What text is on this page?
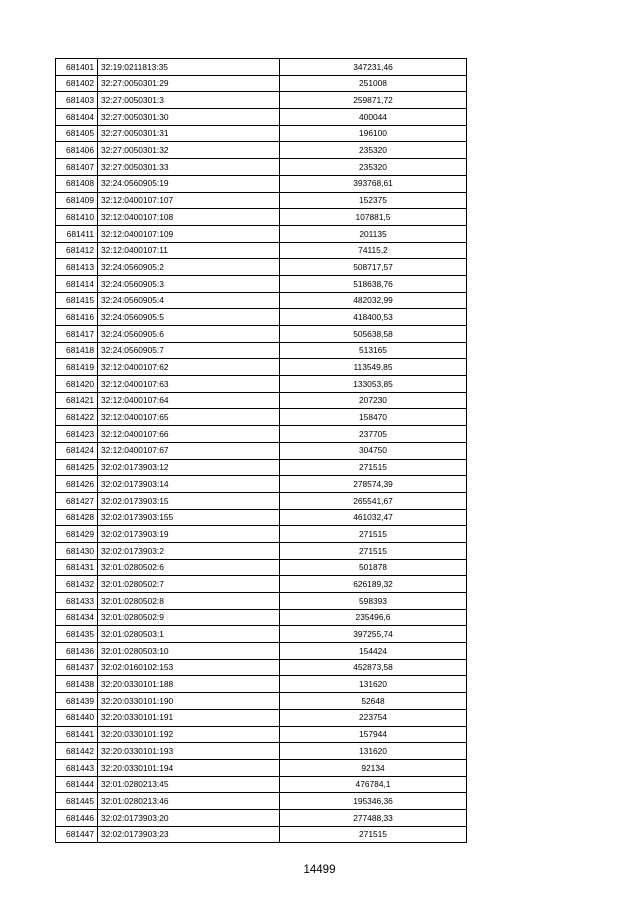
681401	32:19:0211813:35	347231,46
681402	32:27:0050301:29	251008
681403	32:27:0050301:3	259871,72
681404	32:27:0050301:30	400044
681405	32:27:0050301:31	196100
681406	32:27:0050301:32	235320
681407	32:27:0050301:33	235320
681408	32:24:0560905:19	393768,61
681409	32:12:0400107:107	152375
681410	32:12:0400107:108	107881,5
681411	32:12:0400107:109	201135
681412	32:12:0400107:11	74115,2
681413	32:24:0560905:2	508717,57
681414	32:24:0560905:3	518638,76
681415	32:24:0560905:4	482032,99
681416	32:24:0560905:5	418400,53
681417	32:24:0560905:6	505638,58
681418	32:24:0560905:7	513165
681419	32:12:0400107:62	113549,85
681420	32:12:0400107:63	133053,85
681421	32:12:0400107:64	207230
681422	32:12:0400107:65	158470
681423	32:12:0400107:66	237705
681424	32:12:0400107:67	304750
681425	32:02:0173903:12	271515
681426	32:02:0173903:14	278574,39
681427	32:02:0173903:15	265541,67
681428	32:02:0173903:155	461032,47
681429	32:02:0173903:19	271515
681430	32:02:0173903:2	271515
681431	32:01:0280502:6	501878
681432	32:01:0280502:7	626189,32
681433	32:01:0280502:8	598393
681434	32:01:0280502:9	235496,6
681435	32:01:0280503:1	397255,74
681436	32:01:0280503:10	154424
681437	32:02:0160102:153	452873,58
681438	32:20:0330101:188	131620
681439	32:20:0330101:190	52648
681440	32:20:0330101:191	223754
681441	32:20:0330101:192	157944
681442	32:20:0330101:193	131620
681443	32:20:0330101:194	92134
681444	32:01:0280213:45	476784,1
681445	32:01:0280213:46	195346,36
681446	32:02:0173903:20	277488,33
681447	32:02:0173903:23	271515
14499
